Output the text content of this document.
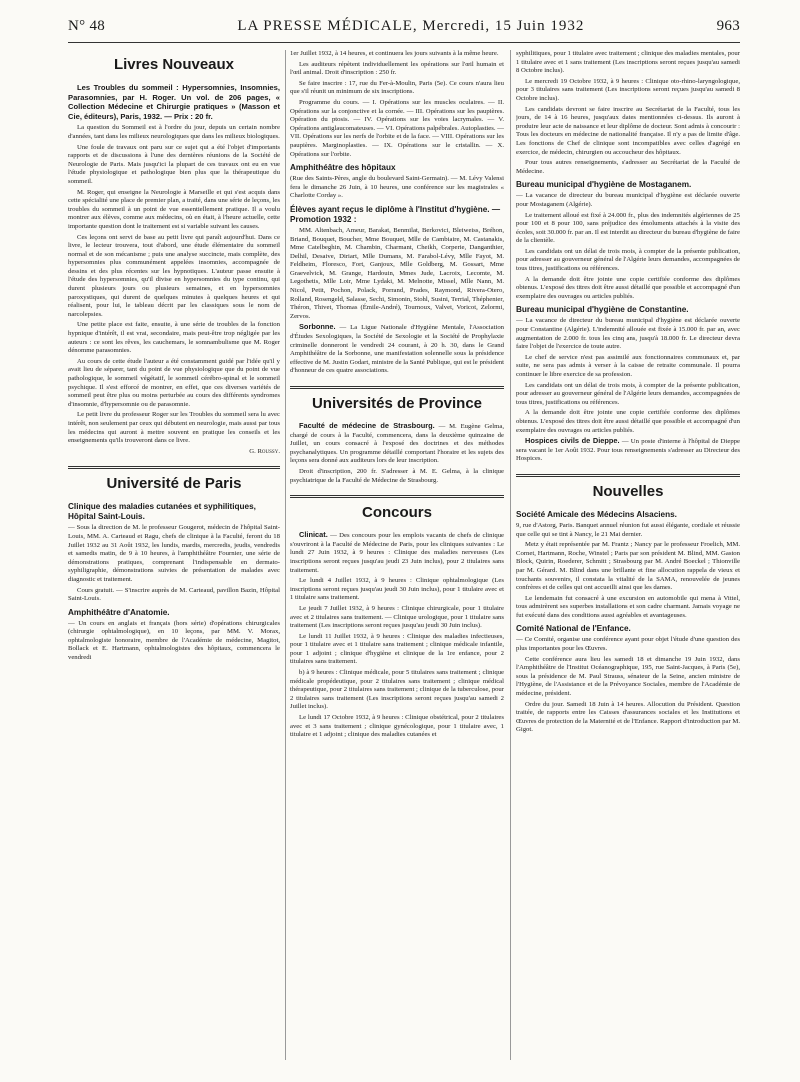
N° 48	LA PRESSE MÉDICALE, Mercredi, 15 Juin 1932	963
Livres Nouveaux

Les Troubles du sommeil : Hypersomnies, Insomnies, Parasomnies, par H. Roger. Un vol. de 206 pages, « Collection Médecine et Chirurgie pratiques » (Masson et Cie, éditeurs), Paris, 1932. — Prix : 20 fr.

La question du Sommeil est à l'ordre du jour, depuis un certain nombre d'années, tant dans les milieux neurologiques que dans les milieux biologiques.

Une foule de travaux ont paru sur ce sujet qui a été l'objet d'importants rapports et de discussions à l'une des dernières réunions de la Société de Neurologie de Paris. Mais jusqu'ici la plupart de ces travaux ont eu en vue l'étude physiologique et pathologique bien plus que la thérapeutique du sommeil.

M. Roger, qui enseigne la Neurologie à Marseille et qui s'est acquis dans cette spécialité une place de premier plan, a traité, dans une série de leçons, les troubles du sommeil à un point de vue essentiellement pratique. Il a voulu montrer aux élèves, comme aux médecins, où en était, à l'heure actuelle, cette importante question dont le traitement est si variable suivant les causes.

Ces leçons ont servi de base au petit livre qui paraît aujourd'hui. Dans ce livre, le lecteur trouvera, tout d'abord, une étude élémentaire du sommeil normal et de son mécanisme ; puis une analyse succincte, mais complète, des hypersomnies plus communément appelées insomnies, accompagnée de dessins et des plus récentes sur les hypnotiques. L'auteur passe ensuite à l'étude des hypersomnies, qu'il divise en hypersomnies du type continu, qui durent plusieurs jours ou plusieurs semaines, et en hypersomnies paroxystiques, qui durent de quelques minutes à quelques heures et qui réalisent, pour lui, le tableau décrit par les classiques sous le nom de narcolepsies.

Une petite place est faite, ensuite, à une série de troubles de la fonction hypnique d'intérêt, il est vrai, secondaire, mais peut-être trop négligée par les auteurs : ce sont les rêves, les cauchemars, le somnambulisme que M. Roger dénomme parasomnies.

Au cours de cette étude l'auteur a été constamment guidé par l'idée qu'il y avait lieu de séparer, tant du point de vue physiologique que du point de vue pathologique, le sommeil végétatif, le sommeil cérébro-spinal et le sommeil psychique. Il s'est efforcé de montrer, en effet, que ces diverses variétés de sommeil peut être plus ou moins perturbée au cours des différents syndromes d'insomnie, d'hypersomnie ou de parasomnie.

Le petit livre du professeur Roger sur les Troubles du sommeil sera lu avec intérêt, non seulement par ceux qui débutent en neurologie, mais aussi par tous les médecins qui auront à mettre souvent en pratique les conseils et les enseignements qu'ils trouveront dans ce livre.

G. Roussy.

Université de Paris
Clinique des maladies cutanées et syphilitiques, Hôpital Saint-Louis.

— Sous la direction de M. le professeur Gougerot, médecin de l'hôpital Saint-Louis, MM. A. Carteaud et Ragu, chefs de clinique à la Faculté, feront du 18 Juillet 1932 au 31 Août 1932, les lundis, mardis, mercredis, jeudis, vendredis et samedis matin, de 9 à 10 heures, à l'amphithéâtre Fournier, une série de démonstrations pratiques, comprenant l'indispensable en dermato-syphiligraphie, démonstrations suivies de présentation de malades avec diagnostic et traitement.

Cours gratuit. — S'inscrire auprès de M. Carteaud, pavillon Bazin, Hôpital Saint-Louis.

Amphithéâtre d'Anatomie.

— Un cours en anglais et français (hors série) d'opérations chirurgicales (chirurgie ophtalmologique), en 10 leçons, par MM. V. Morax, ophtalmologiste honoraire, membre de l'Académie de médecine, Magitot, Bollack et E. Hartmann, ophtalmologistes des hôpitaux, commencera le vendredi

1er Juillet 1932, à 14 heures, et continuera les jours suivants à la même heure.

Les auditeurs répètent individuellement les opérations sur l'œil humain et l'œil animal. Droit d'inscription : 250 fr.

Se faire inscrire : 17, rue du Fer-à-Moulin, Paris (5e). Ce cours n'aura lieu que s'il réunit un minimum de six inscriptions.

Programme du cours. — I. Opérations sur les muscles oculaires. — II. Opérations sur la conjonctive et la cornée. — III. Opérations sur les paupières. Opération du ptosis. — IV. Opérations sur les voies lacrymales. — V. Opérations antiglaucomateuses. — VI. Opérations palpébrales. Autoplasties. — VII. Opérations sur les nerfs de l'orbite et de la face. — VIII. Opérations sur les paupières. Marginoplasties. — IX. Opérations sur le cristallin. — X. Opérations sur l'orbite.

Amphithéâtre des hôpitaux

(Rue des Saints-Pères, angle du boulevard Saint-Germain). — M. Lévy Valensi fera le dimanche 26 Juin, à 10 heures, une conférence sur les magistrales « Charlotte Corday ».

Élèves ayant reçus le diplôme à l'Institut d'hygiène. — Promotion 1932 :

MM. Altenbach, Ameur, Barakat, Benmilat, Berkovici, Bleiweiss, Bréhon, Briand, Bouquet, Boucher, Mme Bouquet, Mlle de Cambiaire, M. Castanakis, Mme Catelbeghin, M. Chambin, Charmant, Cheikh, Corperie, Danganthier, Delhil, Desaive, Diriart, Mlle Dumans, M. Farabol-Lévy, Mlle Fayot, M. Feldheim, Floresco, Fort, Ganjoux, Mlle Goldberg, M. Gossart, Mme Graevelvick, M. Grange, Hardouin, Mmes Jude, Lacroix, Lecomte, M. Legothetis, Mlle Loir, Mme Lydaki, M. Melnotte, Missel, Mlle Nann, M. Nicol, Petit, Pochon, Polack, Porrand, Prades, Raymond, Rivera-Otero, Rolland, Rosengeld, Salasse, Sechi, Simonin, Stohl, Susini, Terrial, Théphenier, Théron, Thivet, Thomas (Émile-André), Tournoux, Valvet, Voricot, Zelormi, Zervos.

Sorbonne. — La Ligue Nationale d'Hygiène Mentale, l'Association d'Études Sexologiques, la Société de Sexologie et la Société de Prophylaxie criminelle donneront le vendredi 24 courant, à 20 h. 30, dans le Grand Amphithéâtre de la Sorbonne, une manifestation solennelle sous la présidence effective de M. Justin Godart, ministre de la Santé Publique, qui est le président d'honneur de ces quatre associations.

Universités de Province

Faculté de médecine de Strasbourg. — M. Eugène Gelma, chargé de cours à la Faculté, commencera, dans la deuxième quinzaine de Juillet, un cours consacré à l'exposé des doctrines et des méthodes psychanalytiques. Un programme détaillé comportant l'horaire et les sujets des leçons sera donné aux auditeurs lors de leur inscription.

Droit d'inscription, 200 fr. S'adresser à M. E. Gelma, à la clinique psychiatrique de la Faculté de Médecine de Strasbourg.

Concours

Clinicat. — Des concours pour les emplois vacants de chefs de clinique s'ouvriront à la Faculté de Médecine de Paris, pour les cliniques suivantes : Le lundi 27 Juin 1932, à 9 heures : Clinique des maladies nerveuses (Les inscriptions seront reçues jusqu'au jeudi 23 Juin inclus), pour 2 titulaires sans traitement.

Le lundi 4 Juillet 1932, à 9 heures : Clinique ophtalmologique (Les inscriptions seront reçues jusqu'au jeudi 30 Juin inclus), pour 1 titulaire avec et 1 titulaire sans traitement.

Le jeudi 7 Juillet 1932, à 9 heures : Clinique chirurgicale, pour 1 titulaire avec et 2 titulaires sans traitement. — Clinique urologique, pour 1 titulaire sans traitement (Les inscriptions seront reçues jusqu'au jeudi 30 Juin inclus).

Le lundi 11 Juillet 1932, à 9 heures : Clinique des maladies infectieuses, pour 1 titulaire avec et 1 titulaire sans traitement ; clinique médicale infantile, pour 1 adjoint ; clinique d'hygiène et clinique de la 1re enfance, pour 2 titulaires sans traitement.

b) à 9 heures : Clinique médicale, pour 5 titulaires sans traitement ; clinique médicale propédeutique, pour 2 titulaires sans traitement ; clinique médical thérapeutique, pour 2 titulaires sans traitement ; clinique de la tuberculose, pour 2 titulaires sans traitement (Les inscriptions seront reçues jusqu'au samedi 2 Juillet inclus).

Le lundi 17 Octobre 1932, à 9 heures : Clinique obstétrical, pour 2 titulaires avec et 3 sans traitement ; clinique gynécologique, pour 1 titulaire avec, 1 titulaire et 1 adjoint ; clinique des maladies cutanées et

syphilitiques, pour 1 titulaire avec traitement ; clinique des maladies mentales, pour 1 titulaire avec et 1 sans traitement (Les inscriptions seront reçues jusqu'au samedi 8 Octobre inclus).

Le mercredi 19 Octobre 1932, à 9 heures : Clinique oto-rhino-laryngologique, pour 3 titulaires sans traitement (Les inscriptions seront reçues jusqu'au samedi 8 Octobre inclus).

Les candidats devront se faire inscrire au Secrétariat de la Faculté, tous les jours, de 14 à 16 heures, jusqu'aux dates mentionnées ci-dessus. Ils auront à produire leur acte de naissance et leur diplôme de docteur. Sont admis à concourir : Tous les docteurs en médecine de nationalité française. Il n'y a pas de limite d'âge. Les fonctions de Chef de clinique sont incompatibles avec celles d'agrégé en exercice, de médecin, chirurgien ou accoucheur des hôpitaux.

Pour tous autres renseignements, s'adresser au Secrétariat de la Faculté de Médecine.

Bureau municipal d'hygiène de Mostaganem.

— La vacance de directeur du bureau municipal d'hygiène est déclarée ouverte pour Mostaganem (Algérie).

Le traitement alloué est fixé à 24.000 fr., plus des indemnités algériennes de 25 pour 100 et 8 pour 100, sans préjudice des émoluments attachés à la visite des écoles, soit 30.000 fr. par an. Il est interdit au directeur du bureau d'hygiène de faire de la clientèle.

Les candidats ont un délai de trois mois, à compter de la présente publication, pour adresser au gouverneur général de l'Algérie leurs demandes, accompagnées de tous titres, justifications ou références.

A la demande doit être jointe une copie certifiée conforme des diplômes obtenus. L'exposé des titres doit être aussi détaillé que possible et accompagné d'un exemplaire des ouvrages ou articles publiés.

Bureau municipal d'hygiène de Constantine.

— La vacance de directeur du bureau municipal d'hygiène est déclarée ouverte pour Constantine (Algérie). L'indemnité allouée est fixée à 15.000 fr. par an, avec augmentation de 2.000 fr. tous les cinq ans, jusqu'à 18.000 fr. Le directeur devra faire l'objet de l'exercice de toute autre.

Le chef de service n'est pas assimilé aux fonctionnaires communaux et, par suite, ne sera pas admis à verser à la caisse de retraite communale. Il pourra continuer le libre exercice de sa profession.

Les candidats ont un délai de trois mois, à compter de la présente publication, pour adresser au gouverneur général de l'Algérie leurs demandes, accompagnées de tous titres, justifications ou références.

A la demande doit être jointe une copie certifiée conforme des diplômes obtenus. L'exposé des titres doit être aussi détaillé que possible et accompagné d'un exemplaire des ouvrages ou articles publiés.

Hospices civils de Dieppe. — Un poste d'interne à l'hôpital de Dieppe sera vacant le 1er Août 1932. Pour tous renseignements s'adresser au Directeur des Hospices.

Nouvelles
Société Amicale des Médecins Alsaciens.

9, rue d'Astorg, Paris. Banquet annuel réunion fut aussi élégante, cordiale et réussie que celle qui se tint à Nancy, le 21 Mai dernier.

Metz y était représentée par M. Frantz ; Nancy par le professeur Froelich, MM. Cornet, Hartmann, Roche, Winstel ; Paris par son président M. Blind, MM. Gaston Block, Quirin, Roederer, Schmitt ; Strasbourg par M. André Boeckel ; Thionville par M. Gérard. M. Blind dans une brillante et fine allocution rappela de vieux et touchants souvenirs, il constata la vitalité de la SAMA, renouvelée de jeunes confrères et de celles qui ont accueilli ainsi que les dames.

Le lendemain fut consacré à une excursion en automobile qui mena à Vittel, tous admirèrent ses superbes installations et son cadre charmant. Jamais voyage ne fut exécuté dans des conditions aussi agréables et avantageuses.

Comité National de l'Enfance.

— Ce Comité, organise une conférence ayant pour objet l'étude d'une question des plus importantes pour les Œuvres.

Cette conférence aura lieu les samedi 18 et dimanche 19 Juin 1932, dans l'Amphithéâtre de l'Institut Océanographique, 195, rue Saint-Jacques, à Paris (5e), sous la présidence de M. Paul Strauss, sénateur de la Seine, ancien ministre de l'Hygiène, de l'Assistance et de la Prévoyance Sociales, membre de l'Académie de médecine, président.

Ordre du jour. Samedi 18 Juin à 14 heures. Allocution du Président. Question traitée, de rapports entre les Caisses d'assurances sociales et les Institutions et Œuvres de protection de la Maternité et de l'Enfance. Rapport d'introduction par M. Gigot.
